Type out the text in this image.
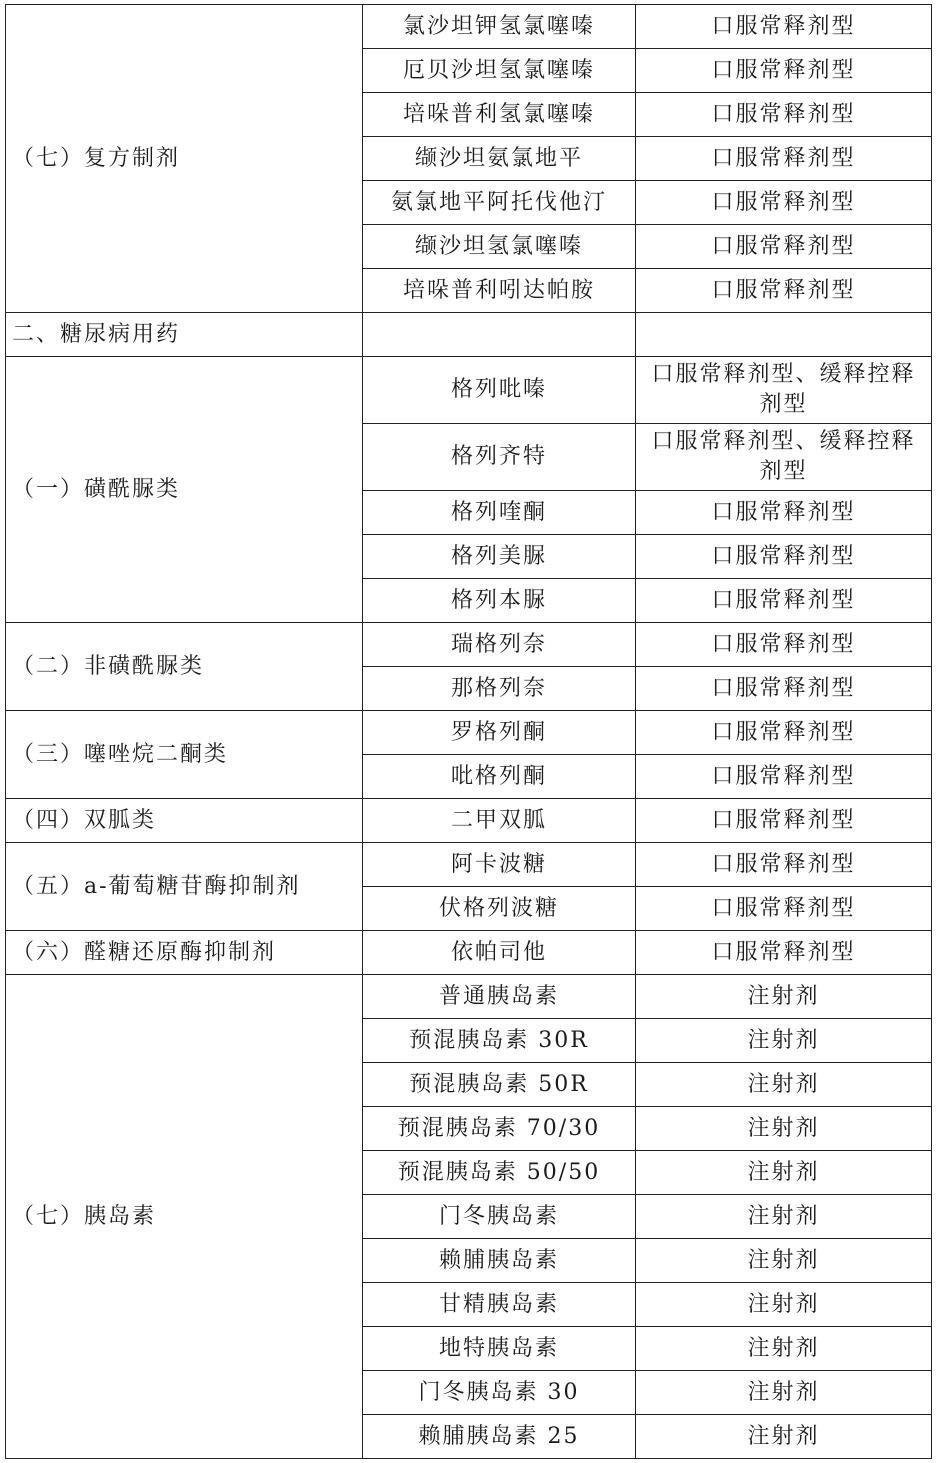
（七）复方制剂	氯沙坦钾氢氯噻嗪	口服常释剂型
	厄贝沙坦氢氯噻嗪	口服常释剂型
	培哚普利氢氯噻嗪	口服常释剂型
	缬沙坦氨氯地平	口服常释剂型
	氨氯地平阿托伐他汀	口服常释剂型
	缬沙坦氢氯噻嗪	口服常释剂型
	培哚普利吲达帕胺	口服常释剂型
二、糖尿病用药		
（一）磺酰脲类	格列吡嗪	口服常释剂型、缓释控释剂型
	格列齐特	口服常释剂型、缓释控释剂型
	格列喹酮	口服常释剂型
	格列美脲	口服常释剂型
	格列本脲	口服常释剂型
（二）非磺酰脲类	瑞格列奈	口服常释剂型
	那格列奈	口服常释剂型
（三）噻唑烷二酮类	罗格列酮	口服常释剂型
	吡格列酮	口服常释剂型
（四）双胍类	二甲双胍	口服常释剂型
（五）a-葡萄糖苷酶抑制剂	阿卡波糖	口服常释剂型
	伏格列波糖	口服常释剂型
（六）醛糖还原酶抑制剂	依帕司他	口服常释剂型
（七）胰岛素	普通胰岛素	注射剂
	预混胰岛素 30R	注射剂
	预混胰岛素 50R	注射剂
	预混胰岛素 70/30	注射剂
	预混胰岛素 50/50	注射剂
	门冬胰岛素	注射剂
	赖脯胰岛素	注射剂
	甘精胰岛素	注射剂
	地特胰岛素	注射剂
	门冬胰岛素 30	注射剂
	赖脯胰岛素 25	注射剂
